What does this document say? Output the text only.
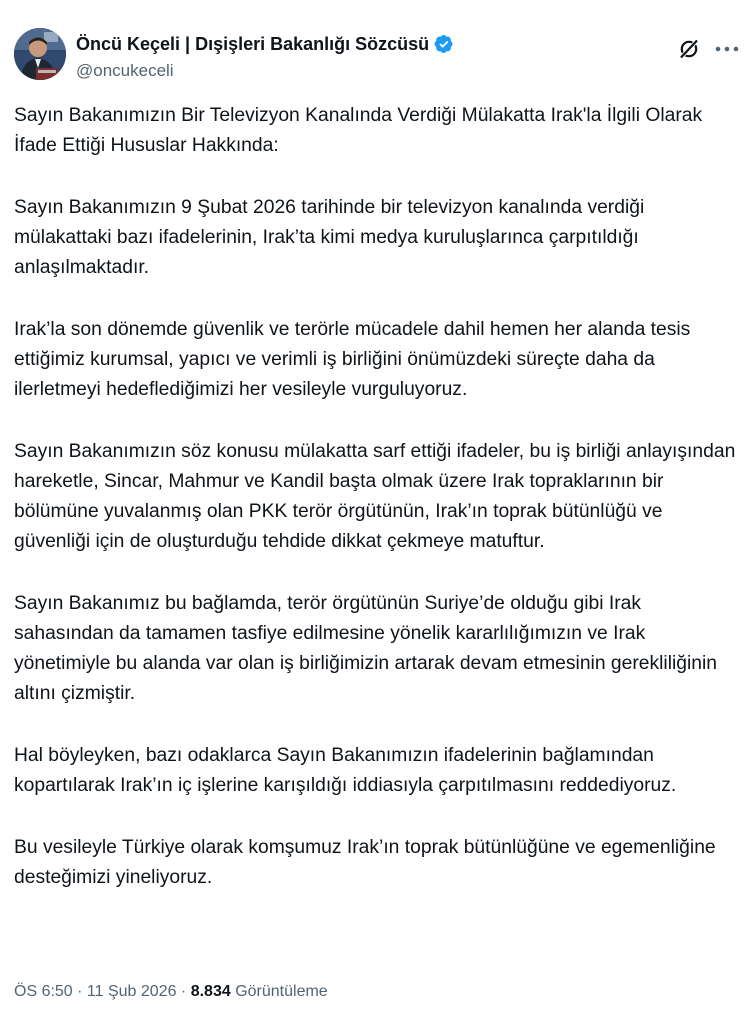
Öncü Keçeli | Dışişleri Bakanlığı Sözcüsü
@oncukeceli

Sayın Bakanımızın Bir Televizyon Kanalında Verdiği Mülakatta Irak'la İlgili Olarak İfade Ettiği Hususlar Hakkında:

Sayın Bakanımızın 9 Şubat 2026 tarihinde bir televizyon kanalında verdiği mülakattaki bazı ifadelerinin, Irak’ta kimi medya kuruluşlarınca çarpıtıldığı anlaşılmaktadır.

Irak’la son dönemde güvenlik ve terörle mücadele dahil hemen her alanda tesis ettiğimiz kurumsal, yapıcı ve verimli iş birliğini önümüzdeki süreçte daha da ilerletmeyi hedeflediğimizi her vesileyle vurguluyoruz.

Sayın Bakanımızın söz konusu mülakatta sarf ettiği ifadeler, bu iş birliği anlayışından hareketle, Sincar, Mahmur ve Kandil başta olmak üzere Irak topraklarının bir bölümüne yuvalanmış olan PKK terör örgütünün, Irak’ın toprak bütünlüğü ve güvenliği için de oluşturduğu tehdide dikkat çekmeye matuftur.

Sayın Bakanımız bu bağlamda, terör örgütünün Suriye’de olduğu gibi Irak sahasından da tamamen tasfiye edilmesine yönelik kararlılığımızın ve Irak yönetimiyle bu alanda var olan iş birliğimizin artarak devam etmesinin gerekliliğinin altını çizmiştir.

Hal böyleyken, bazı odaklarca Sayın Bakanımızın ifadelerinin bağlamından kopartılarak Irak’ın iç işlerine karışıldığı iddiasıyla çarpıtılmasını reddediyoruz.

Bu vesileyle Türkiye olarak komşumuz Irak’ın toprak bütünlüğüne ve egemenliğine desteğimizi yineliyoruz.

ÖS 6:50 · 11 Şub 2026 · 8.834 Görüntüleme
